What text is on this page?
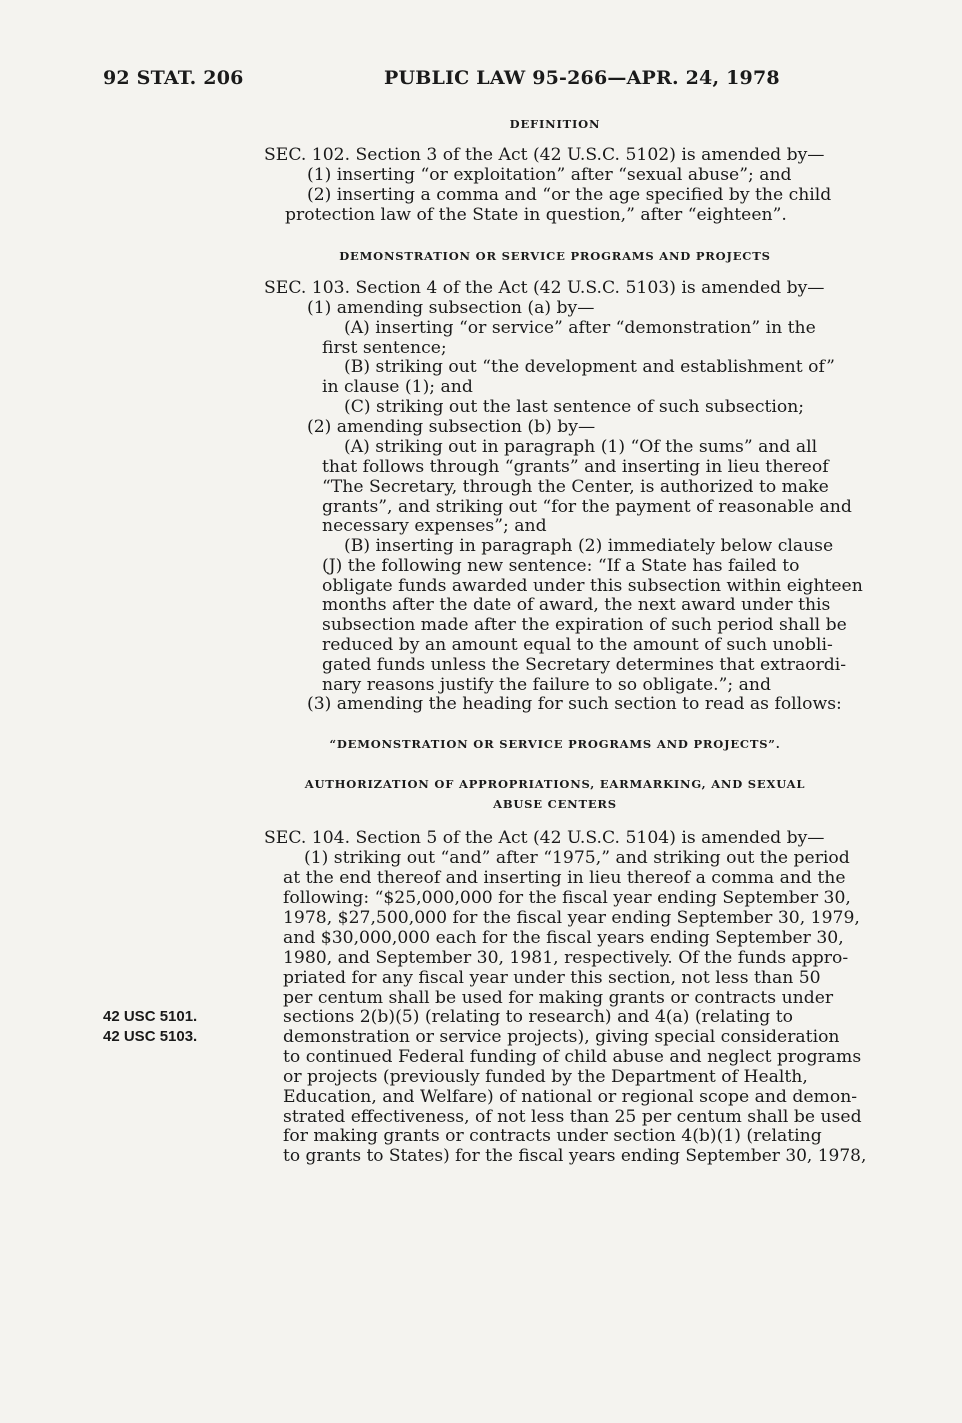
92 STAT. 206	PUBLIC LAW 95-266—APR. 24, 1978
DEFINITION
SEC. 102. Section 3 of the Act (42 U.S.C. 5102) is amended by—
(1) inserting “or exploitation” after “sexual abuse”; and
(2) inserting a comma and “or the age specified by the child
protection law of the State in question,” after “eighteen”.
DEMONSTRATION OR SERVICE PROGRAMS AND PROJECTS
SEC. 103. Section 4 of the Act (42 U.S.C. 5103) is amended by—
(1) amending subsection (a) by—
(A) inserting “or service” after “demonstration” in the
first sentence;
(B) striking out “the development and establishment of”
in clause (1); and
(C) striking out the last sentence of such subsection;
(2) amending subsection (b) by—
(A) striking out in paragraph (1) “Of the sums” and all
that follows through “grants” and inserting in lieu thereof
“The Secretary, through the Center, is authorized to make
grants”, and striking out “for the payment of reasonable and
necessary expenses”; and
(B) inserting in paragraph (2) immediately below clause
(J) the following new sentence: “If a State has failed to
obligate funds awarded under this subsection within eighteen
months after the date of award, the next award under this
subsection made after the expiration of such period shall be
reduced by an amount equal to the amount of such unobli-
gated funds unless the Secretary determines that extraordi-
nary reasons justify the failure to so obligate.”; and
(3) amending the heading for such section to read as follows:
“DEMONSTRATION OR SERVICE PROGRAMS AND PROJECTS”.
AUTHORIZATION OF APPROPRIATIONS, EARMARKING, AND SEXUAL
ABUSE CENTERS
SEC. 104. Section 5 of the Act (42 U.S.C. 5104) is amended by—
(1) striking out “and” after “1975,” and striking out the period
at the end thereof and inserting in lieu thereof a comma and the
following: “$25,000,000 for the fiscal year ending September 30,
1978, $27,500,000 for the fiscal year ending September 30, 1979,
and $30,000,000 each for the fiscal years ending September 30,
1980, and September 30, 1981, respectively. Of the funds appro-
priated for any fiscal year under this section, not less than 50
per centum shall be used for making grants or contracts under
sections 2(b)(5) (relating to research) and 4(a) (relating to
demonstration or service projects), giving special consideration
to continued Federal funding of child abuse and neglect programs
or projects (previously funded by the Department of Health,
Education, and Welfare) of national or regional scope and demon-
strated effectiveness, of not less than 25 per centum shall be used
for making grants or contracts under section 4(b)(1) (relating
to grants to States) for the fiscal years ending September 30, 1978,
42 USC 5101.
42 USC 5103.
